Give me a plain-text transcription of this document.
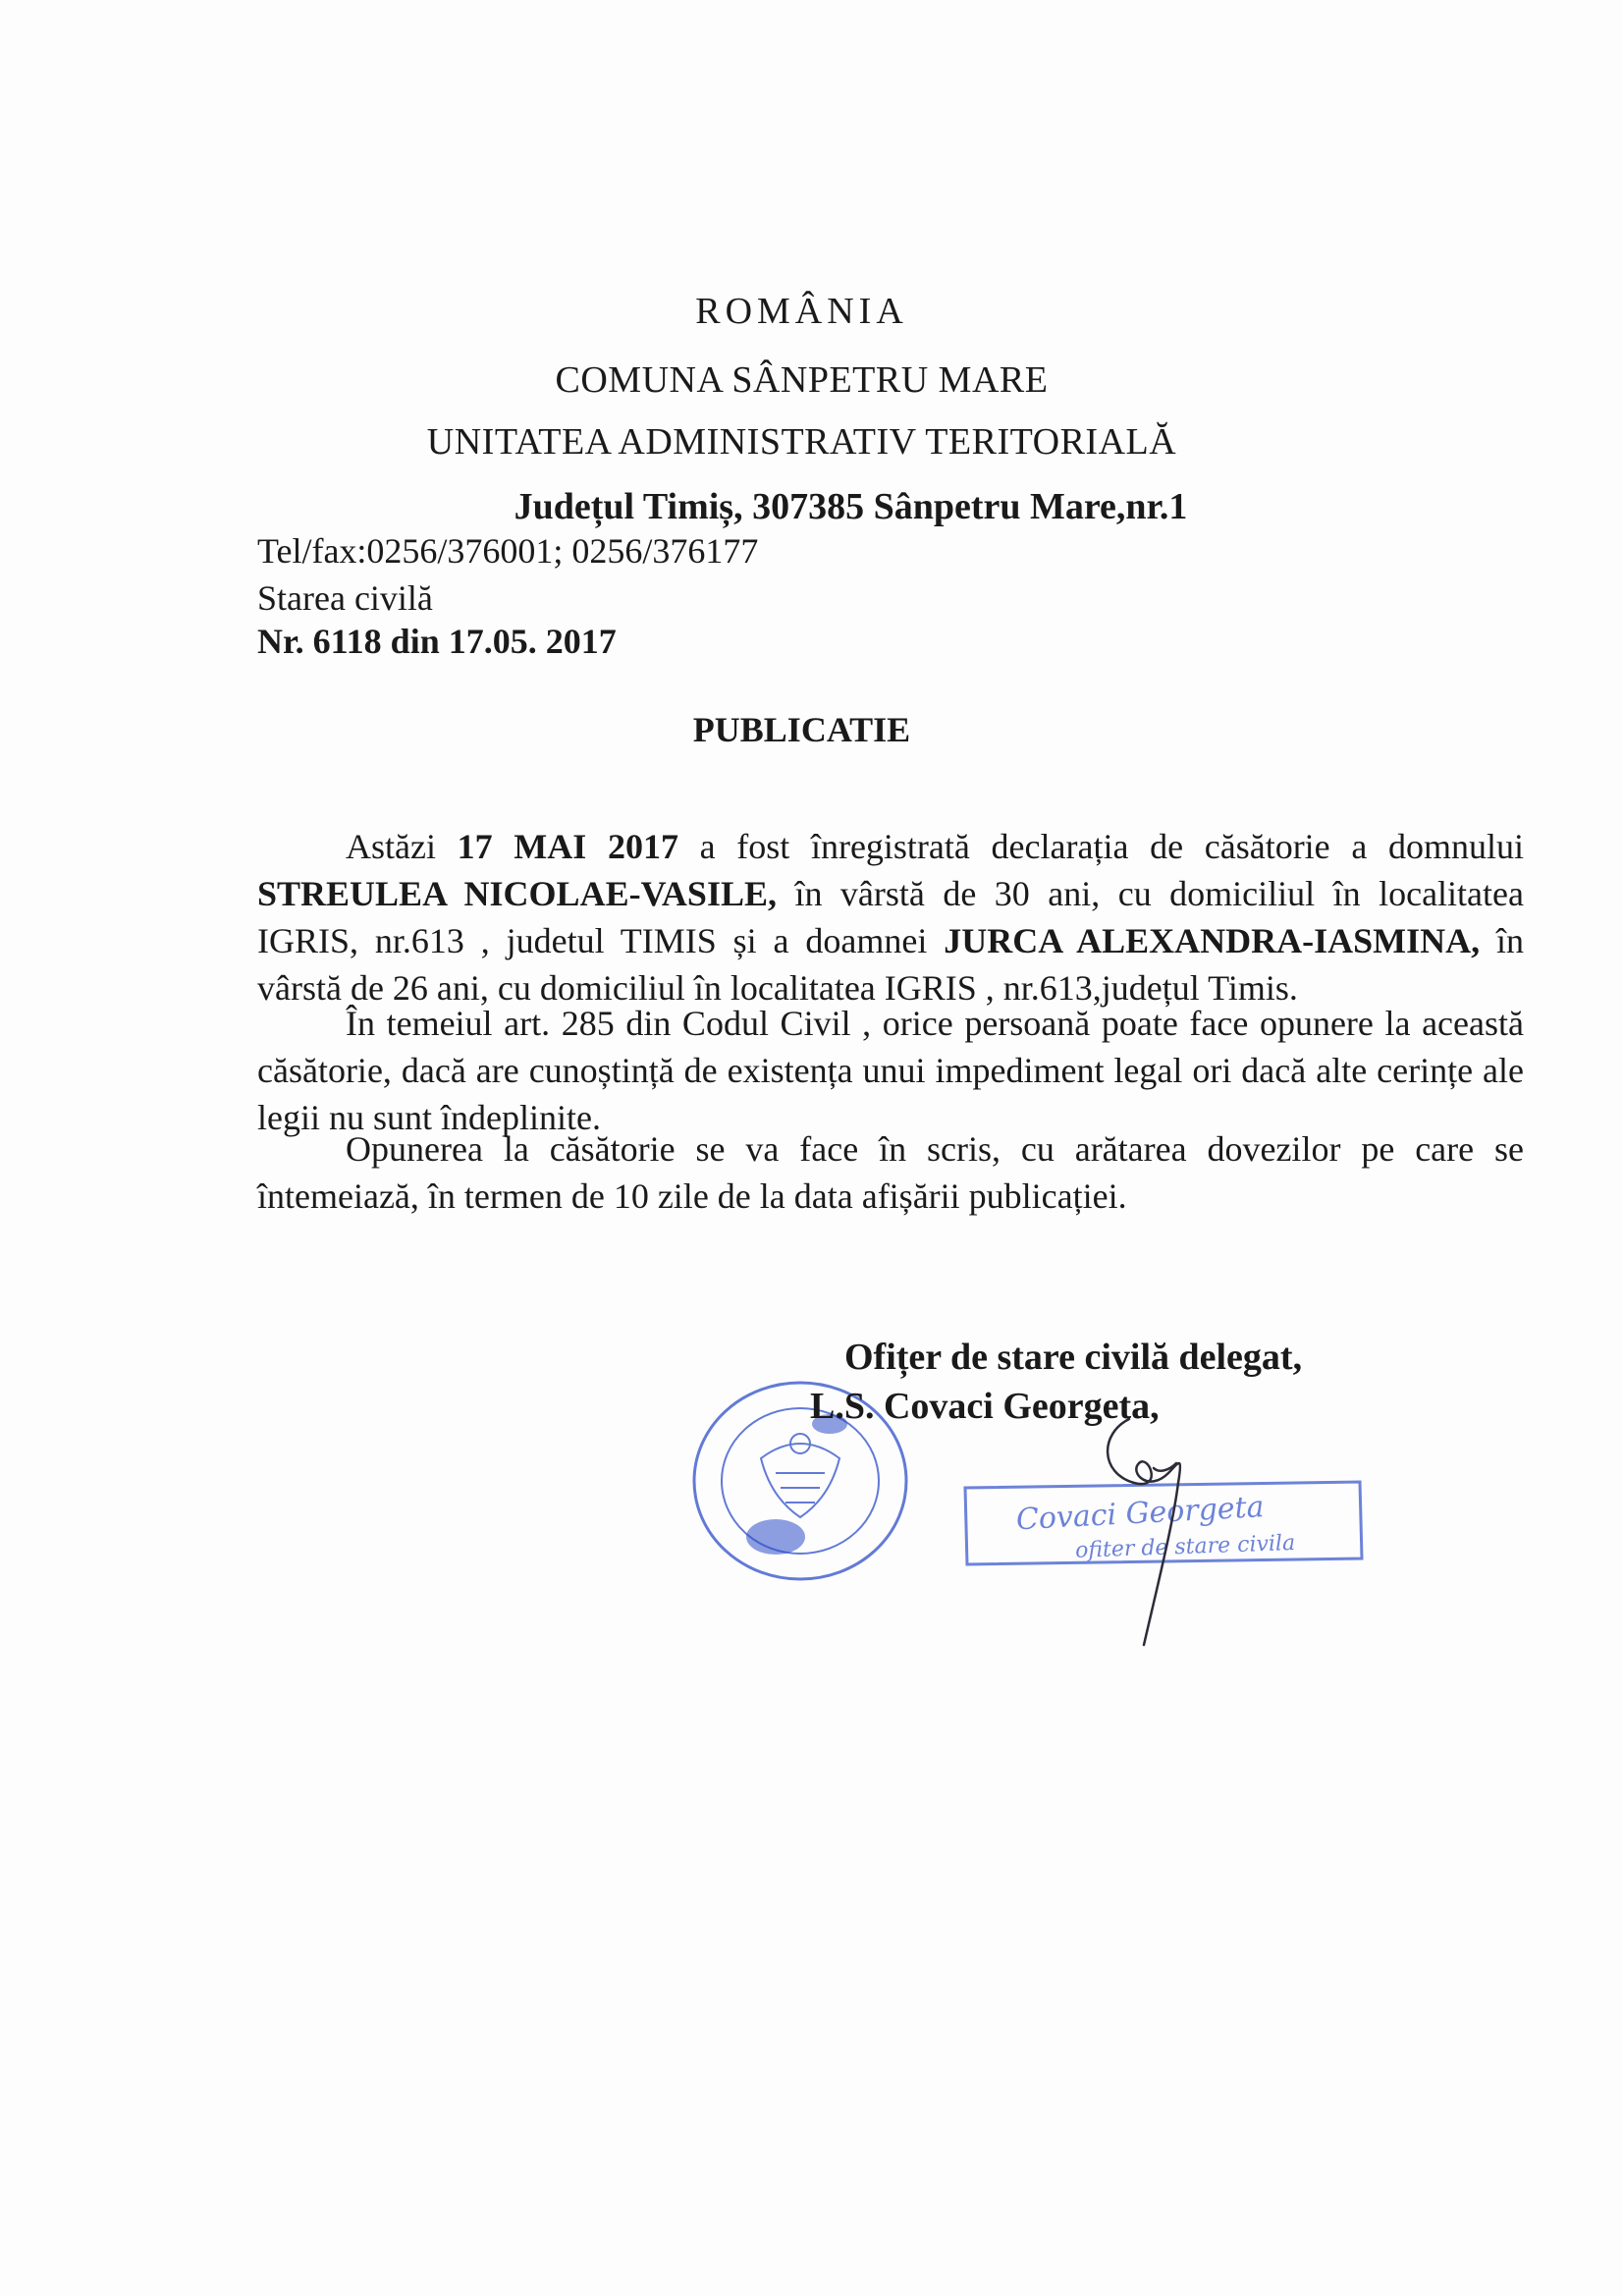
ROMÂNIA
COMUNA SÂNPETRU MARE
UNITATEA ADMINISTRATIV TERITORIALĂ
Județul Timiș, 307385 Sânpetru Mare,nr.1
Tel/fax:0256/376001; 0256/376177
Starea civilă
Nr. 6118 din 17.05. 2017
PUBLICATIE

Astăzi 17 MAI 2017 a fost înregistrată declarația de căsătorie a domnului STREULEA NICOLAE-VASILE, în vârstă de 30 ani, cu domiciliul în localitatea IGRIS, nr.613 , judetul TIMIS și a doamnei JURCA ALEXANDRA-IASMINA, în vârstă de 26 ani, cu domiciliul în localitatea IGRIS , nr.613,județul Timis.

În temeiul art. 285 din Codul Civil , orice persoană poate face opunere la această căsătorie, dacă are cunoștință de existența unui impediment legal ori dacă alte cerințe ale legii nu sunt îndeplinite.

Opunerea la căsătorie se va face în scris, cu arătarea dovezilor pe care se întemeiază, în termen de 10 zile de la data afișării publicației.

Covaci Georgeta
ofiter de stare civila
Ofițer de stare civilă delegat,
L.S. Covaci Georgeta,
